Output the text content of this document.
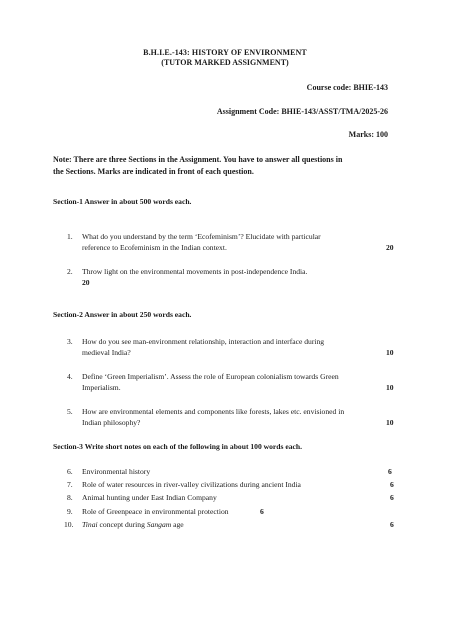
B.H.I.E.-143: HISTORY OF ENVIRONMENT
(TUTOR MARKED ASSIGNMENT)
Course code: BHIE-143
Assignment Code: BHIE-143/ASST/TMA/2025-26
Marks: 100
Note: There are three Sections in the Assignment. You have to answer all questions in
the Sections. Marks are indicated in front of each question.
Section-1 Answer in about 500 words each.
1.	What do you understand by the term ‘Ecofeminism’? Elucidate with particular
reference to Ecofeminism in the Indian context.	20
2.	Throw light on the environmental movements in post-independence India.
20
Section-2 Answer in about 250 words each.
3.	How do you see man-environment relationship, interaction and interface during
medieval India?	10
4.	Define ‘Green Imperialism’. Assess the role of European colonialism towards Green
Imperialism.	10
5.	How are environmental elements and components like forests, lakes etc. envisioned in
Indian philosophy?	10
Section-3 Write short notes on each of the following in about 100 words each.
6.	Environmental history	6
7.	Role of water resources in river-valley civilizations during ancient India	6
8.	Animal hunting under East Indian Company	6
9.	Role of Greenpeace in environmental protection	6
10.	Tinai concept during Sangam age	6
